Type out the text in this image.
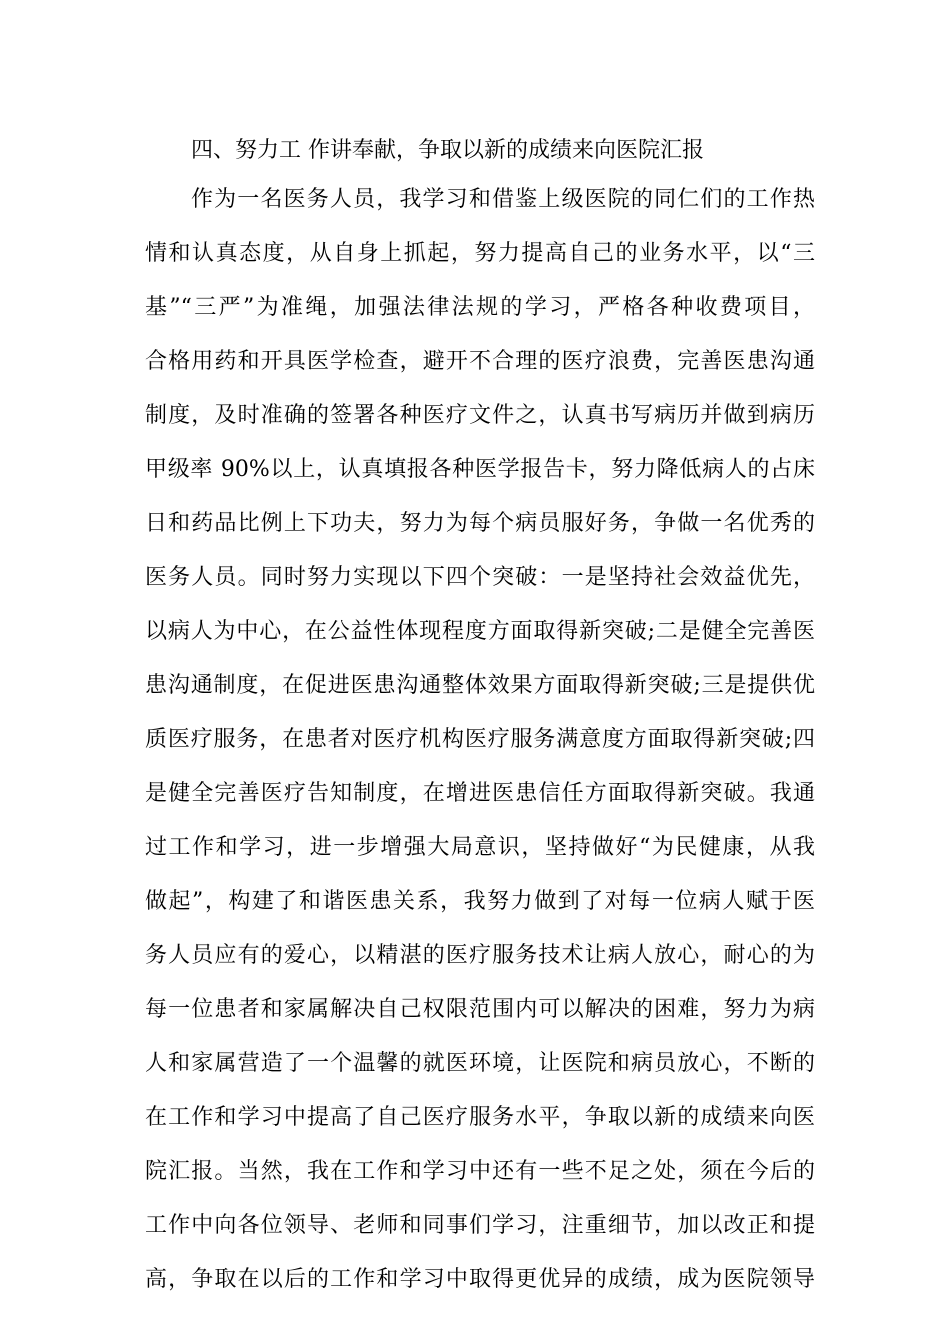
四、努力工 作讲奉献，争取以新的成绩来向医院汇报
作为一名医务人员，我学习和借鉴上级医院的同仁们的工作热
情和认真态度，从自身上抓起，努力提高自己的业务水平，以“三
基”“三严”为准绳，加强法律法规的学习，严格各种收费项目，
合格用药和开具医学检查，避开不合理的医疗浪费，完善医患沟通
制度，及时准确的签署各种医疗文件之，认真书写病历并做到病历
甲级率 90%以上，认真填报各种医学报告卡，努力降低病人的占床
日和药品比例上下功夫，努力为每个病员服好务，争做一名优秀的
医务人员。同时努力实现以下四个突破：一是坚持社会效益优先，
以病人为中心，在公益性体现程度方面取得新突破;二是健全完善医
患沟通制度，在促进医患沟通整体效果方面取得新突破;三是提供优
质医疗服务，在患者对医疗机构医疗服务满意度方面取得新突破;四
是健全完善医疗告知制度，在增进医患信任方面取得新突破。我通
过工作和学习，进一步增强大局意识，坚持做好“为民健康，从我
做起”，构建了和谐医患关系，我努力做到了对每一位病人赋于医
务人员应有的爱心，以精湛的医疗服务技术让病人放心，耐心的为
每一位患者和家属解决自己权限范围内可以解决的困难，努力为病
人和家属营造了一个温馨的就医环境，让医院和病员放心，不断的
在工作和学习中提高了自己医疗服务水平，争取以新的成绩来向医
院汇报。当然，我在工作和学习中还有一些不足之处，须在今后的
工作中向各位领导、老师和同事们学习，注重细节，加以改正和提
高，争取在以后的工作和学习中取得更优异的成绩，成为医院领导
